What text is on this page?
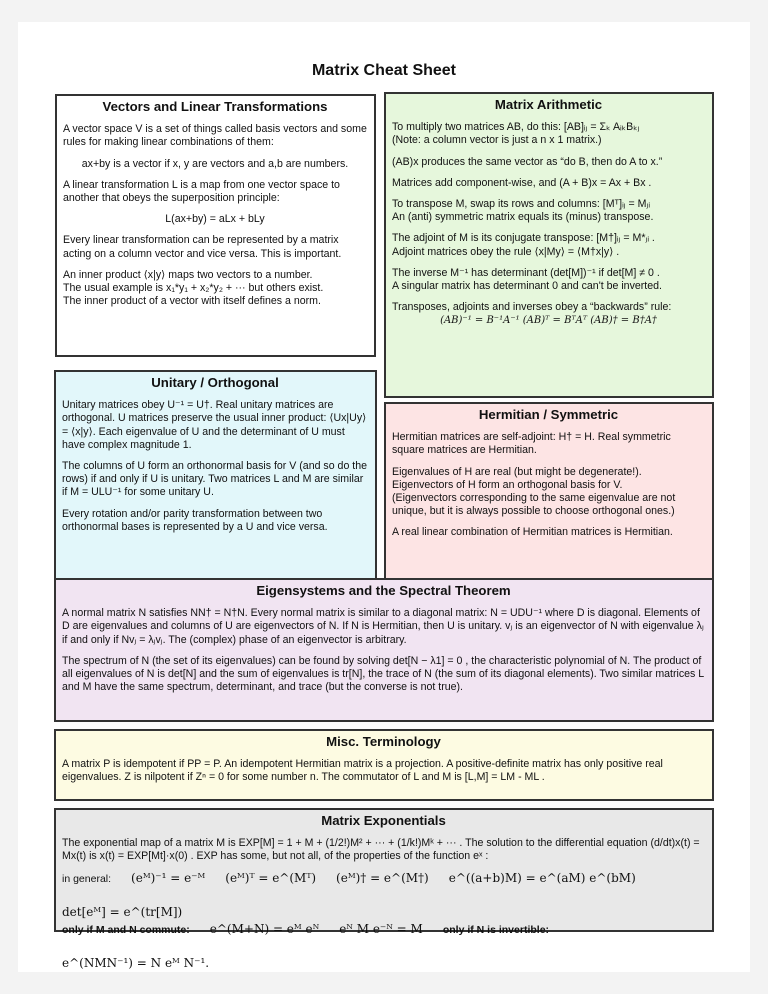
Matrix Cheat Sheet
Vectors and Linear Transformations

A vector space V is a set of things called basis vectors and some rules for making linear combinations of them:

ax+by is a vector if x, y are vectors and a,b are numbers.

A linear transformation L is a map from one vector space to another that obeys the superposition principle:

L(ax+by) = aLx + bLy

Every linear transformation can be represented by a matrix acting on a column vector and vice versa. This is important.

An inner product ⟨x|y⟩ maps two vectors to a number.

The usual example is x₁*y₁ + x₂*y₂ + ··· but others exist.

The inner product of a vector with itself defines a norm.

Matrix Arithmetic

To multiply two matrices AB, do this: [AB]ᵢⱼ = Σₖ AᵢₖBₖⱼ

(Note: a column vector is just a n x 1 matrix.)

(AB)x produces the same vector as “do B, then do A to x.”

Matrices add component-wise, and (A + B)x = Ax + Bx .

To transpose M, swap its rows and columns: [Mᵀ]ᵢⱼ = Mⱼᵢ

An (anti) symmetric matrix equals its (minus) transpose.

The adjoint of M is its conjugate transpose: [M†]ᵢⱼ = M*ⱼᵢ .

Adjoint matrices obey the rule ⟨x|My⟩ = ⟨M†x|y⟩ .

The inverse M⁻¹ has determinant (det[M])⁻¹ if det[M] ≠ 0 .

A singular matrix has determinant 0 and can't be inverted.

Transposes, adjoints and inverses obey a “backwards” rule:

(AB)⁻¹ = B⁻¹A⁻¹ (AB)ᵀ = BᵀAᵀ (AB)† = B†A†

Unitary / Orthogonal

Unitary matrices obey U⁻¹ = U†. Real unitary matrices are orthogonal. U matrices preserve the usual inner product: ⟨Ux|Uy⟩ = ⟨x|y⟩. Each eigenvalue of U and the determinant of U must have complex magnitude 1.

The columns of U form an orthonormal basis for V (and so do the rows) if and only if U is unitary. Two matrices L and M are similar if M = ULU⁻¹ for some unitary U.

Every rotation and/or parity transformation between two orthonormal bases is represented by a U and vice versa.

Hermitian / Symmetric

Hermitian matrices are self-adjoint: H† = H. Real symmetric square matrices are Hermitian.

Eigenvalues of H are real (but might be degenerate!).

Eigenvectors of H form an orthogonal basis for V.

(Eigenvectors corresponding to the same eigenvalue are not unique, but it is always possible to choose orthogonal ones.)

A real linear combination of Hermitian matrices is Hermitian.

Eigensystems and the Spectral Theorem

A normal matrix N satisfies NN† = N†N. Every normal matrix is similar to a diagonal matrix: N = UDU⁻¹ where D is diagonal. Elements of D are eigenvalues and columns of U are eigenvectors of N. If N is Hermitian, then U is unitary. vⱼ is an eigenvector of N with eigenvalue λⱼ if and only if Nvⱼ = λⱼvⱼ. The (complex) phase of an eigenvector is arbitrary.

The spectrum of N (the set of its eigenvalues) can be found by solving det[N − λ1] = 0 , the characteristic polynomial of N. The product of all eigenvalues of N is det[N] and the sum of eigenvalues is tr[N], the trace of N (the sum of its diagonal elements). Two similar matrices L and M have the same spectrum, determinant, and trace (but the converse is not true).

Misc. Terminology

A matrix P is idempotent if PP = P. An idempotent Hermitian matrix is a projection. A positive-definite matrix has only positive real eigenvalues. Z is nilpotent if Zⁿ = 0 for some number n. The commutator of L and M is [L,M] = LM - ML .

Matrix Exponentials

The exponential map of a matrix M is EXP[M] = 1 + M + (1/2!)M² + ··· + (1/k!)Mᵏ + ··· . The solution to the differential equation (d/dt)x(t) = Mx(t) is x(t) = EXP[Mt]·x(0) . EXP has some, but not all, of the properties of the function eˣ :

in general: (eᴹ)⁻¹ = e⁻ᴹ (eᴹ)ᵀ = e^(Mᵀ) (eᴹ)† = e^(M†) e^((a+b)M) = e^(aM) e^(bM)
det[eᴹ] = e^(tr[M])
only if M and N commute: e^(M+N) = eᴹ eᴺ eᴺ M e⁻ᴺ = M only if N is invertible:
e^(NMN⁻¹) = N eᴹ N⁻¹.
